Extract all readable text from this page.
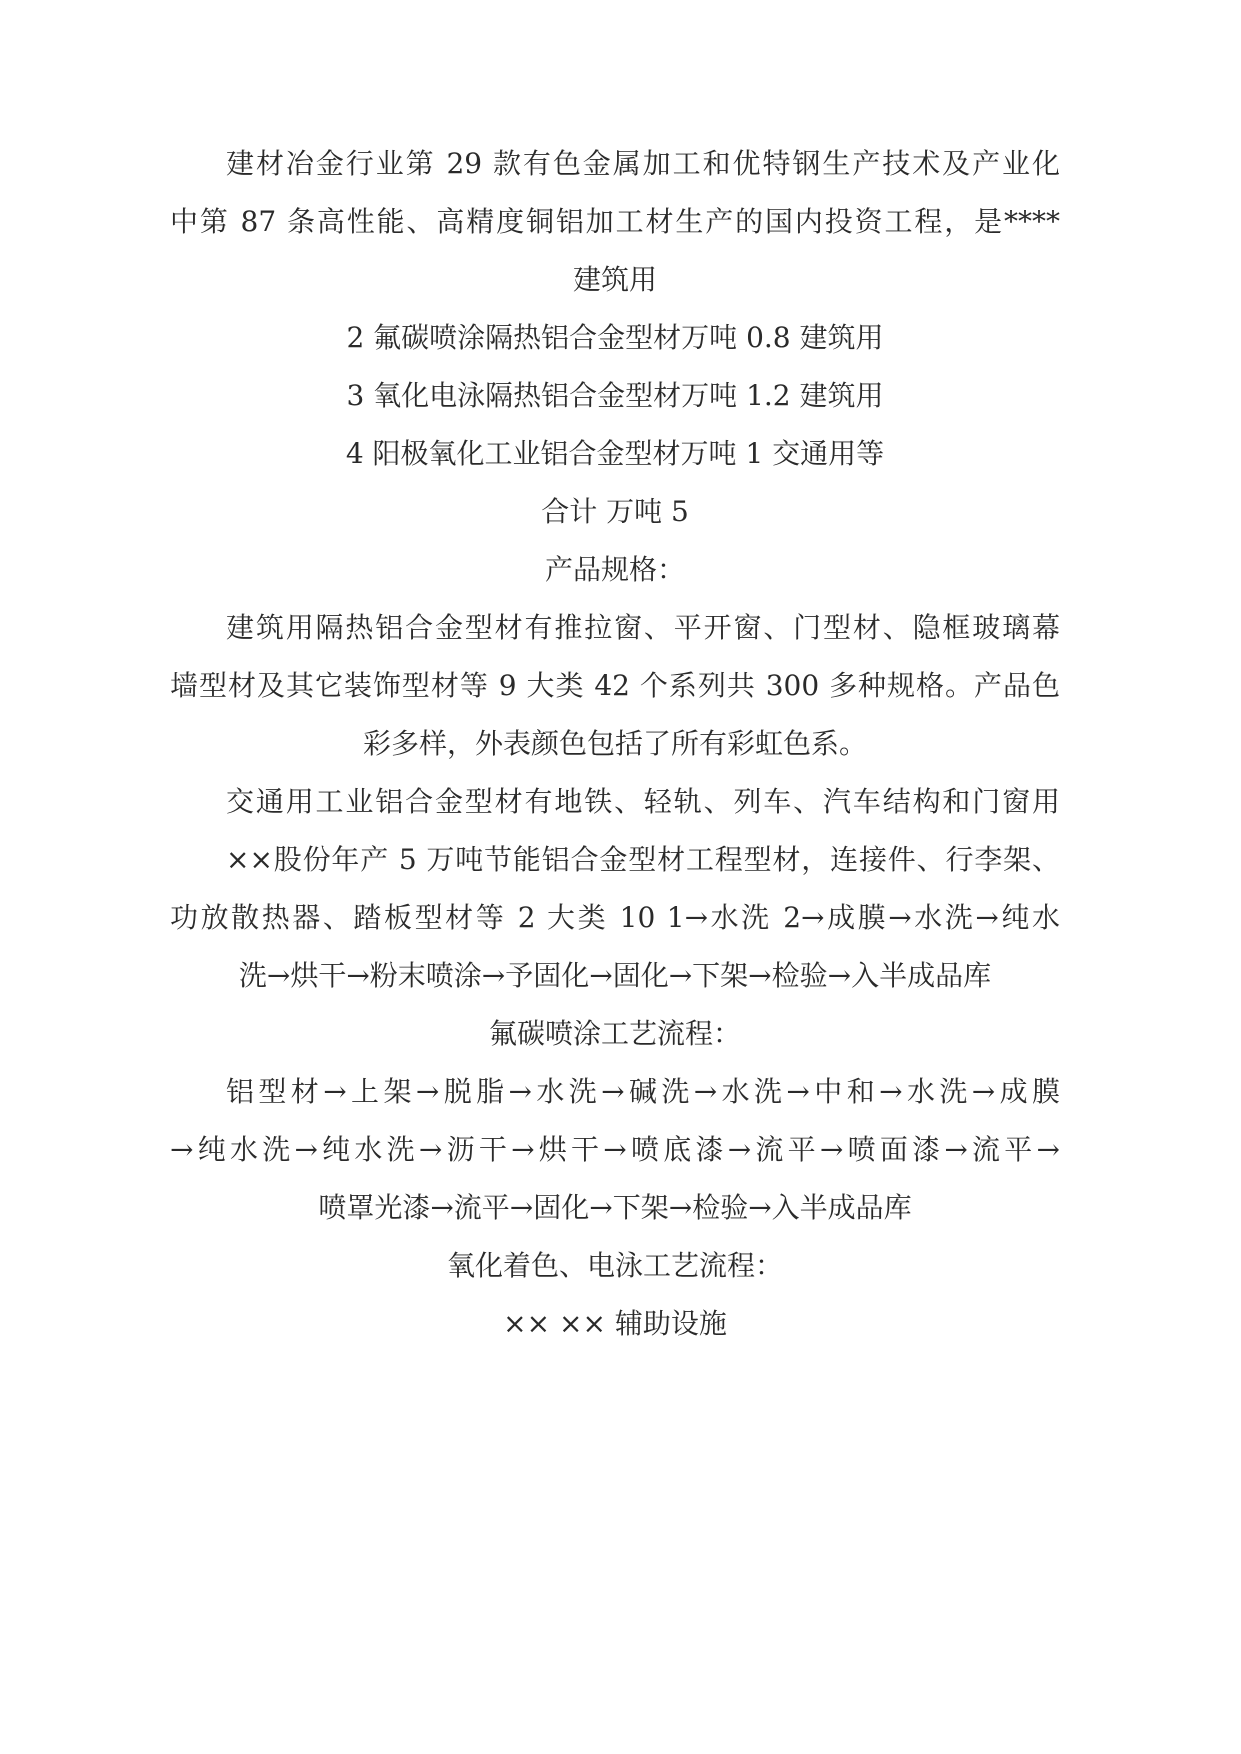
建材冶金行业第 29 款有色金属加工和优特钢生产技术及产业化
中第 87 条高性能、高精度铜铝加工材生产的国内投资工程，是****
建筑用
2 氟碳喷涂隔热铝合金型材万吨 0.8 建筑用
3 氧化电泳隔热铝合金型材万吨 1.2 建筑用
4 阳极氧化工业铝合金型材万吨 1 交通用等
合计 万吨 5
产品规格：
建筑用隔热铝合金型材有推拉窗、平开窗、门型材、隐框玻璃幕
墙型材及其它装饰型材等 9 大类 42 个系列共 300 多种规格。产品色
彩多样，外表颜色包括了所有彩虹色系。
交通用工业铝合金型材有地铁、轻轨、列车、汽车结构和门窗用
××股份年产 5 万吨节能铝合金型材工程型材，连接件、行李架、
功放散热器、踏板型材等 2 大类 10 1→水洗 2→成膜→水洗→纯水
洗→烘干→粉末喷涂→予固化→固化→下架→检验→入半成品库
氟碳喷涂工艺流程：
铝型材→上架→脱脂→水洗→碱洗→水洗→中和→水洗→成膜
→纯水洗→纯水洗→沥干→烘干→喷底漆→流平→喷面漆→流平→
喷罩光漆→流平→固化→下架→检验→入半成品库
氧化着色、电泳工艺流程：
×× ×× 辅助设施
